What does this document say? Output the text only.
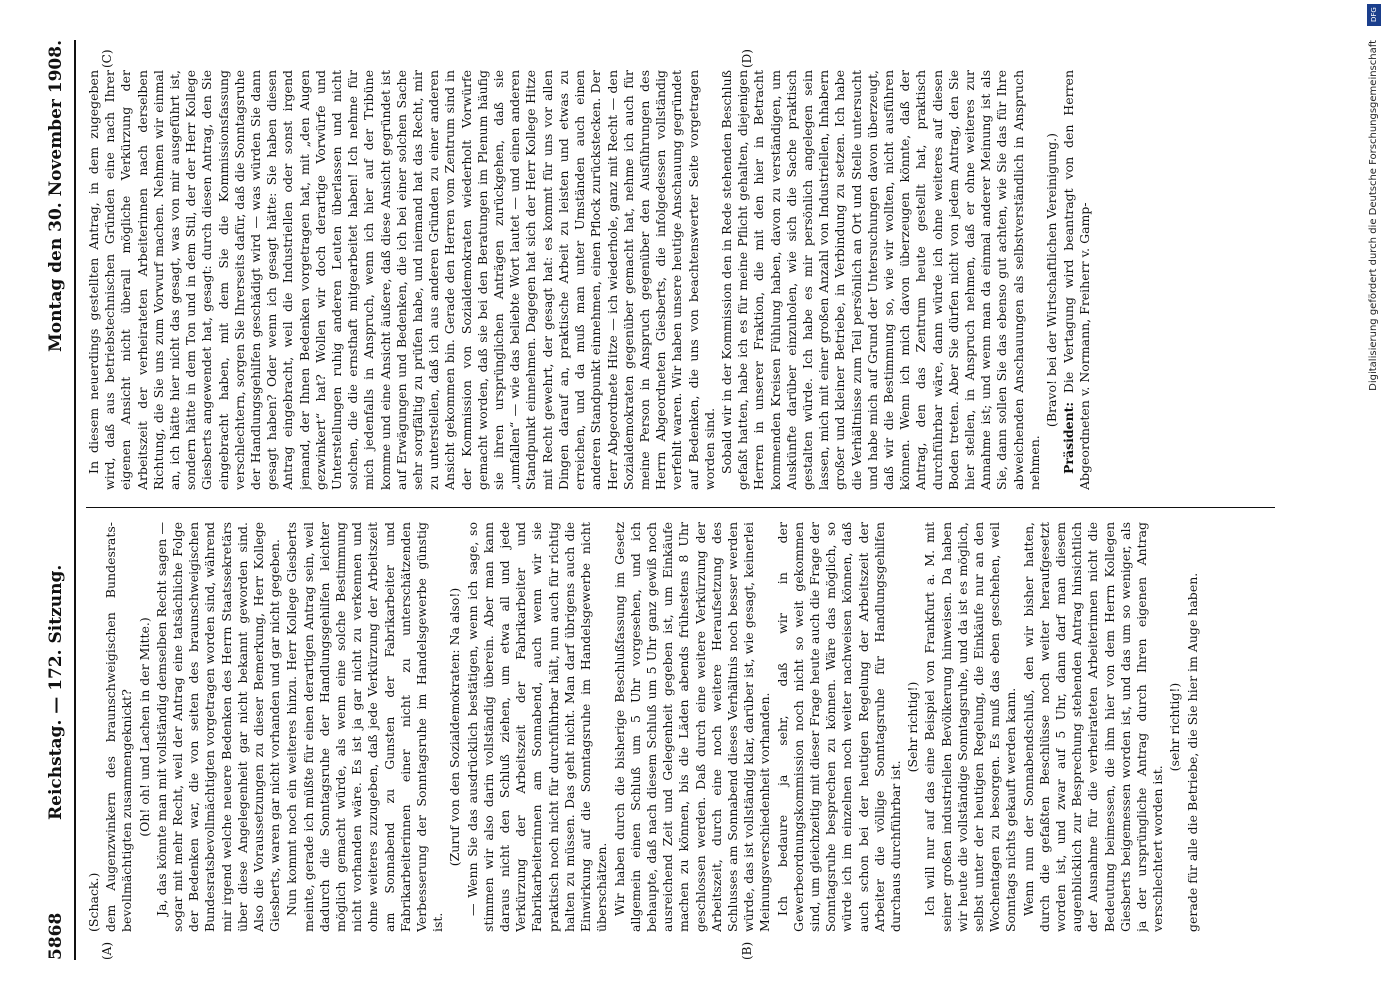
5868
Reichstag. — 172. Sitzung.
Montag den 30. November 1908.
(A)	(B)
(C)	(D)

(Schack.) dem Augenzwinkern des braunschweigischen Bundesrats-bevollmächtigten zusammengeknickt? (Oh! oh! und Lachen in der Mitte.) Ja, das könnte man mit vollständig demselben Recht sagen — sogar mit mehr Recht, weil der Antrag eine tatsächliche Folge der Bedenken war, die von seiten des braunschweigischen Bundesratsbevollmächtigten vorgetragen worden sind, während mir irgend welche neuere Bedenken des Herrn Staatssekretärs über diese Angelegenheit gar nicht bekannt geworden sind. Also die Voraussetzungen zu dieser Bemerkung, Herr Kollege Giesberts, waren gar nicht vorhanden und gar nicht gegeben. Nun kommt noch ein weiteres hinzu. Herr Kollege Giesberts meinte, gerade ich müßte für einen derartigen Antrag sein, weil dadurch die Sonntagsruhe der Handlungsgehilfen leichter möglich gemacht würde, als wenn eine solche Bestimmung nicht vorhanden wäre. Es ist ja gar nicht zu verkennen und ohne weiteres zuzugeben, daß jede Verkürzung der Arbeitszeit am Sonnabend zu Gunsten der Fabrikarbeiter und Fabrikarbeiterinnen einer nicht zu unterschätzenden Verbesserung der Sonntagsruhe im Handelsgewerbe günstig ist.

(Zuruf von den Sozialdemokraten: Na also!) — Wenn Sie das ausdrücklich bestätigen, wenn ich sage, so stimmen wir also darin vollständig überein. Aber man kann daraus nicht den Schluß ziehen, um etwa all und jede Verkürzung der Arbeitszeit der Fabrikarbeiter und Fabrikarbeiterinnen am Sonnabend, auch wenn wir sie praktisch noch nicht für durchführbar hält, nun auch für richtig halten zu müssen. Das geht nicht. Man darf übrigens auch die Einwirkung auf die Sonntagsruhe im Handelsgewerbe nicht überschätzen. Wir haben durch die bisherige Beschlußfassung im Gesetz allgemein einen Schluß um 5 Uhr vorgesehen, und ich behaupte, daß nach diesem Schluß um 5 Uhr ganz gewiß noch ausreichend Zeit und Gelegenheit gegeben ist, um Einkäufe machen zu können, bis die Läden abends frühestens 8 Uhr geschlossen werden. Daß durch eine weitere Verkürzung der Arbeitszeit, durch eine noch weitere Heraufsetzung des Schlusses am Sonnabend dieses Verhältnis noch besser werden würde, das ist vollständig klar, darüber ist, wie gesagt, keinerlei Meinungsverschiedenheit vorhanden. Ich bedaure ja sehr, daß wir in der Gewerbeordnungskommission noch nicht so weit gekommen sind, um gleichzeitig mit dieser Frage heute auch die Frage der Sonntagsruhe besprechen zu können. Wäre das möglich, so würde ich im einzelnen noch weiter nachweisen können, daß auch schon bei der heutigen Regelung der Arbeitszeit der Arbeiter die völlige Sonntagsruhe für Handlungsgehilfen durchaus durchführbar ist.

(Sehr richtig!) Ich will nur auf das eine Beispiel von Frankfurt a. M. mit seiner großen industriellen Bevölkerung hinweisen. Da haben wir heute die vollständige Sonntagsruhe, und da ist es möglich, selbst unter der heutigen Regelung, die Einkäufe nur an den Wochentagen zu besorgen. Es muß das eben geschehen, weil Sonntags nichts gekauft werden kann. Wenn nun der Sonnabendschluß, den wir bisher hatten, durch die gefaßten Beschlüsse noch weiter heraufgesetzt worden ist, und zwar auf 5 Uhr, dann darf man diesem augenblicklich zur Besprechung stehenden Antrag hinsichtlich der Ausnahme für die verheirateten Arbeiterinnen nicht die Bedeutung beimessen, die ihm hier von dem Herrn Kollegen Giesberts beigemessen worden ist, und das um so weniger, als ja der ursprüngliche Antrag durch Ihren eigenen Antrag verschlechtert worden ist.

(sehr richtig!) gerade für alle die Betriebe, die Sie hier im Auge haben.

In diesem neuerdings gestellten Antrag, in dem zugegeben wird, daß aus betriebstechnischen Gründen eine nach Ihrer eigenen Ansicht nicht überall mögliche Verkürzung der Arbeitszeit der verheirateten Arbeiterinnen nach derselben Richtung, die Sie uns zum Vorwurf machen. Nehmen wir einmal an, ich hätte hier nicht das gesagt, was von mir ausgeführt ist, sondern hätte in dem Ton und in dem Stil, der der Herr Kollege Giesberts angewendet hat, gesagt: durch diesen Antrag, den Sie eingebracht haben, mit dem Sie die Kommissionsfassung verschlechtern, sorgen Sie Ihrerseits dafür, daß die Sonntagsruhe der Handlungsgehilfen geschädigt wird — was würden Sie dann gesagt haben? Oder wenn ich gesagt hätte: Sie haben diesen Antrag eingebracht, weil die Industriellen oder sonst irgend jemand, der Ihnen Bedenken vorgetragen hat, mit „den Augen gezwinkert“ hat? Wollen wir doch derartige Vorwürfe und Unterstellungen ruhig anderen Leuten überlassen und nicht solchen, die die ernsthaft mitgearbeitet haben! Ich nehme für mich jedenfalls in Anspruch, wenn ich hier auf der Tribüne komme und eine Ansicht äußere, daß diese Ansicht gegründet ist auf Erwägungen und Bedenken, die ich bei einer solchen Sache sehr sorgfältig zu prüfen habe, und niemand hat das Recht, mir zu unterstellen, daß ich aus anderen Gründen zu einer anderen Ansicht gekommen bin. Gerade den Herren vom Zentrum sind in der Kommission von Sozialdemokraten wiederholt Vorwürfe gemacht worden, daß sie bei den Beratungen im Plenum häufig sie ihren ursprünglichen Anträgen zurückgehen, daß sie „umfallen“ — wie das beliebte Wort lautet — und einen anderen Standpunkt einnehmen. Dagegen hat sich der Herr Kollege Hitze mit Recht gewehrt, der gesagt hat: es kommt für uns vor allen Dingen darauf an, praktische Arbeit zu leisten und etwas zu erreichen, und da muß man unter Umständen auch einen anderen Standpunkt einnehmen, einen Pflock zurückstecken. Der Herr Abgeordnete Hitze — ich wiederhole, ganz mit Recht — den Sozialdemokraten gegenüber gemacht hat, nehme ich auch für meine Person in Anspruch gegenüber den Ausführungen des Herrn Abgeordneten Giesberts, die infolgedessen vollständig verfehlt waren. Wir haben unsere heutige Anschauung gegründet auf Bedenken, die uns von beachtenswerter Seite vorgetragen worden sind. Sobald wir in der Kommission den in Rede stehenden Beschluß gefaßt hatten, habe ich es für meine Pflicht gehalten, diejenigen Herren in unserer Fraktion, die mit den hier in Betracht kommenden Kreisen Fühlung haben, davon zu verständigen, um Auskünfte darüber einzuholen, wie sich die Sache praktisch gestalten würde. Ich habe es mir persönlich angelegen sein lassen, mich mit einer großen Anzahl von Industriellen, Inhabern großer und kleiner Betriebe, in Verbindung zu setzen. Ich habe die Verhältnisse zum Teil persönlich an Ort und Stelle untersucht und habe mich auf Grund der Untersuchungen davon überzeugt, daß wir die Bestimmung so, wie wir wollten, nicht ausführen können. Wenn ich mich davon überzeugen könnte, daß der Antrag, den das Zentrum heute gestellt hat, praktisch durchführbar wäre, dann würde ich ohne weiteres auf diesen Boden treten. Aber Sie dürfen nicht von jedem Antrag, den Sie hier stellen, in Anspruch nehmen, daß er ohne weiteres zur Annahme ist; und wenn man da einmal anderer Meinung ist als Sie, dann sollen Sie das ebenso gut achten, wie Sie das für Ihre abweichenden Anschauungen als selbstverständlich in Anspruch nehmen.

(Bravo! bei der Wirtschaftlichen Vereinigung.)

Präsident: Die Vertagung wird beantragt von den Herren Abgeordneten v. Normann, Freiherr v. Gamp-

DFG
Digitalisierung gefördert durch die Deutsche Forschungsgemeinschaft
